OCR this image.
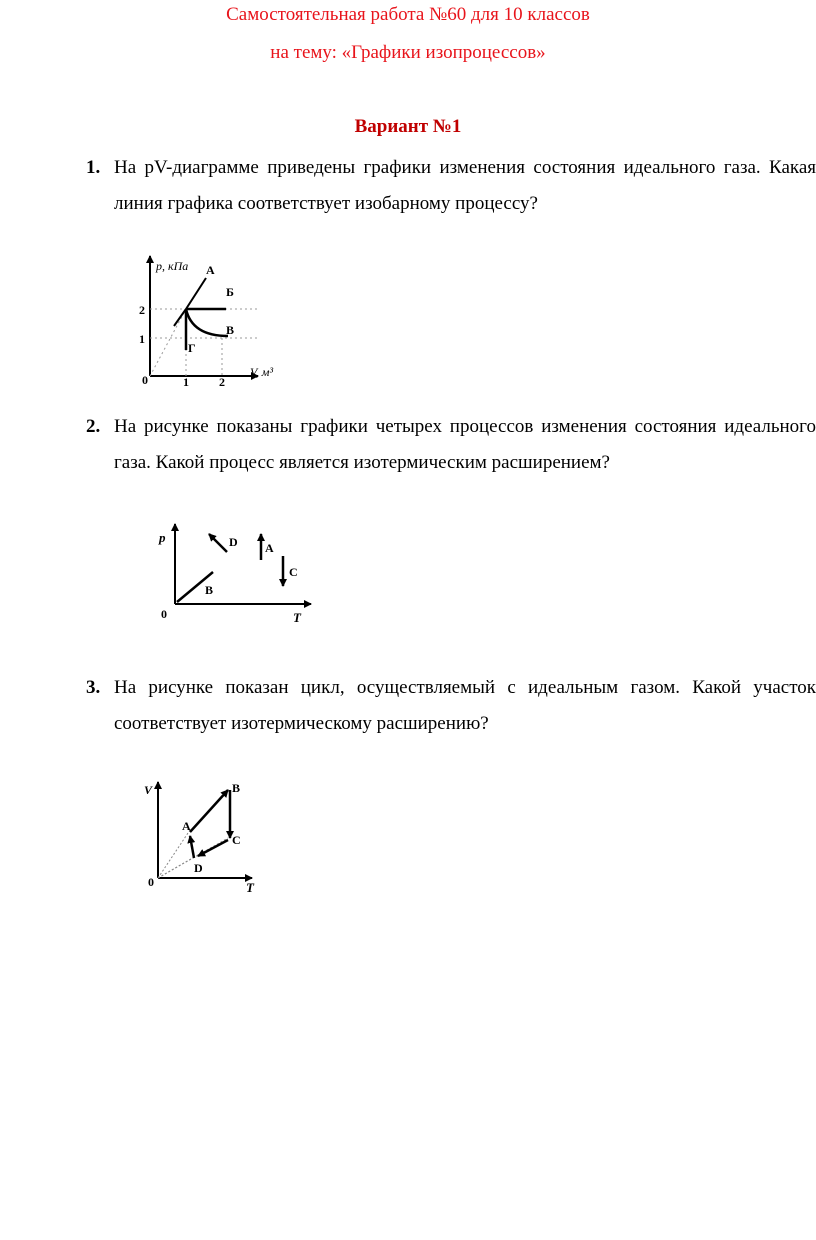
Самостоятельная работа №60 для 10 классов
на тему: «Графики изопроцессов»
Вариант №1
1. На pV-диаграмме приведены графики изменения состояния идеального газа. Какая линия графика соответствует изобарному процессу?
p, кПа
V, м³
0	1	2
2
1
А
Б
В
Г
2. На рисунке показаны графики четырех процессов изменения состояния идеального газа. Какой процесс является изотермическим расширением?
p
T
0
D A
C
B
3. На рисунке показан цикл, осуществляемый с идеальным газом. Какой участок соответствует изотермическому расширению?
V
T
0
A
B
C
D
